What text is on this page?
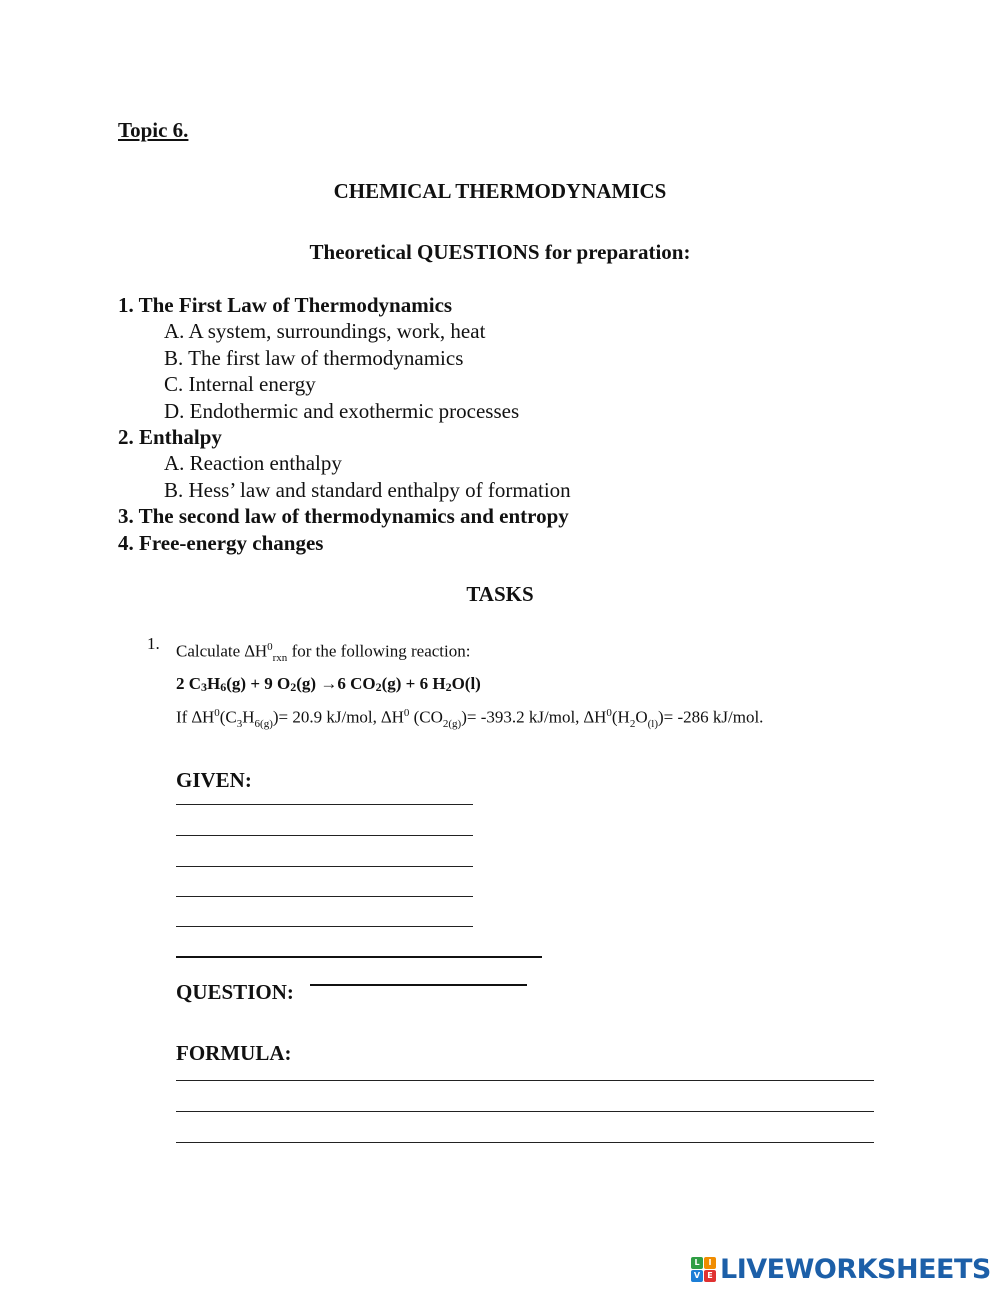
Topic 6.
CHEMICAL THERMODYNAMICS
Theoretical QUESTIONS for preparation:
1. The First Law of Thermodynamics
A. A system, surroundings, work, heat
B. The first law of thermodynamics
C. Internal energy
D. Endothermic and exothermic processes
2. Enthalpy
A. Reaction enthalpy
B. Hess’ law and standard enthalpy of formation
3. The second law of thermodynamics and entropy
4. Free-energy changes
TASKS
1. Calculate $\Delta H^0_{rxn}$ for the following reaction:
2 C3H6(g) + 9 O2(g) →6 CO2(g) + 6 H2O(l)
If $\Delta H^0(C_3H_{6(g)})= 20.9$ kJ/mol, $\Delta H^0$ $(CO_{2(g)})= -393.2$ kJ/mol, $\Delta H^0(H_2O_{(l)})= -286$ kJ/mol.
GIVEN:
QUESTION:
FORMULA:
L	I
V E LIVEWORKSHEETS
